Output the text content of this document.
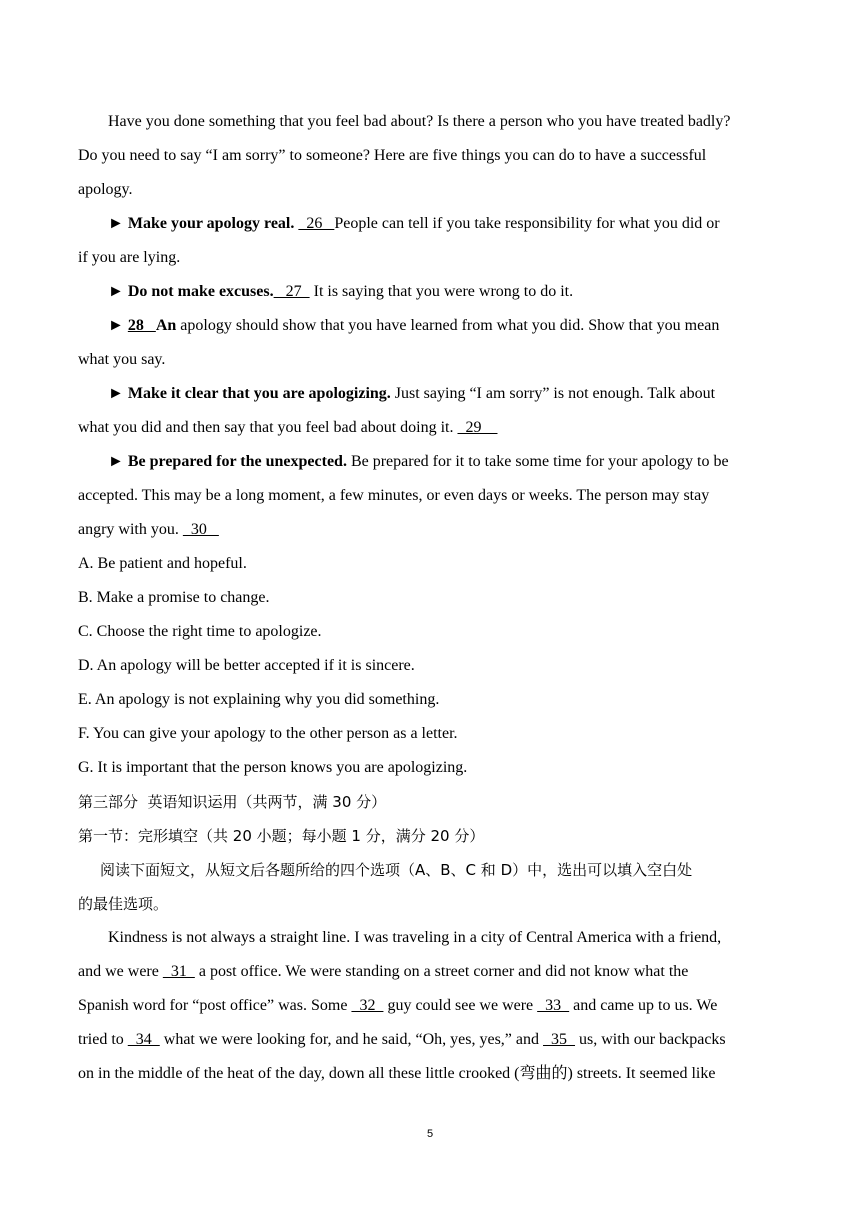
Have you done something that you feel bad about? Is there a person who you have treated badly?
Do you need to say “I am sorry” to someone? Here are five things you can do to have a successful
apology.
► Make your apology real.   26   People can tell if you take responsibility for what you did or
if you are lying.
► Do not make excuses.   27   It is saying that you were wrong to do it.
► 28   An apology should show that you have learned from what you did. Show that you mean
what you say.
► Make it clear that you are apologizing. Just saying “I am sorry” is not enough. Talk about
what you did and then say that you feel bad about doing it.   29
► Be prepared for the unexpected. Be prepared for it to take some time for your apology to be
accepted. This may be a long moment, a few minutes, or even days or weeks. The person may stay
angry with you.   30
A. Be patient and hopeful.
B. Make a promise to change.
C. Choose the right time to apologize.
D. An apology will be better accepted if it is sincere.
E. An apology is not explaining why you did something.
F. You can give your apology to the other person as a letter.
G. It is important that the person knows you are apologizing.
第三部分  英语知识运用（共两节，满 30 分）
第一节：完形填空（共 20 小题；每小题 1 分，满分 20 分）
阅读下面短文，从短文后各题所给的四个选项（A、B、C 和 D）中，选出可以填入空白处
的最佳选项。
Kindness is not always a straight line. I was traveling in a city of Central America with a friend,
and we were   31   a post office. We were standing on a street corner and did not know what the
Spanish word for “post office” was. Some   32   guy could see we were   33   and came up to us. We
tried to   34   what we were looking for, and he said, “Oh, yes, yes,” and   35   us, with our backpacks
on in the middle of the heat of the day, down all these little crooked (弯曲的) streets. It seemed like
5
